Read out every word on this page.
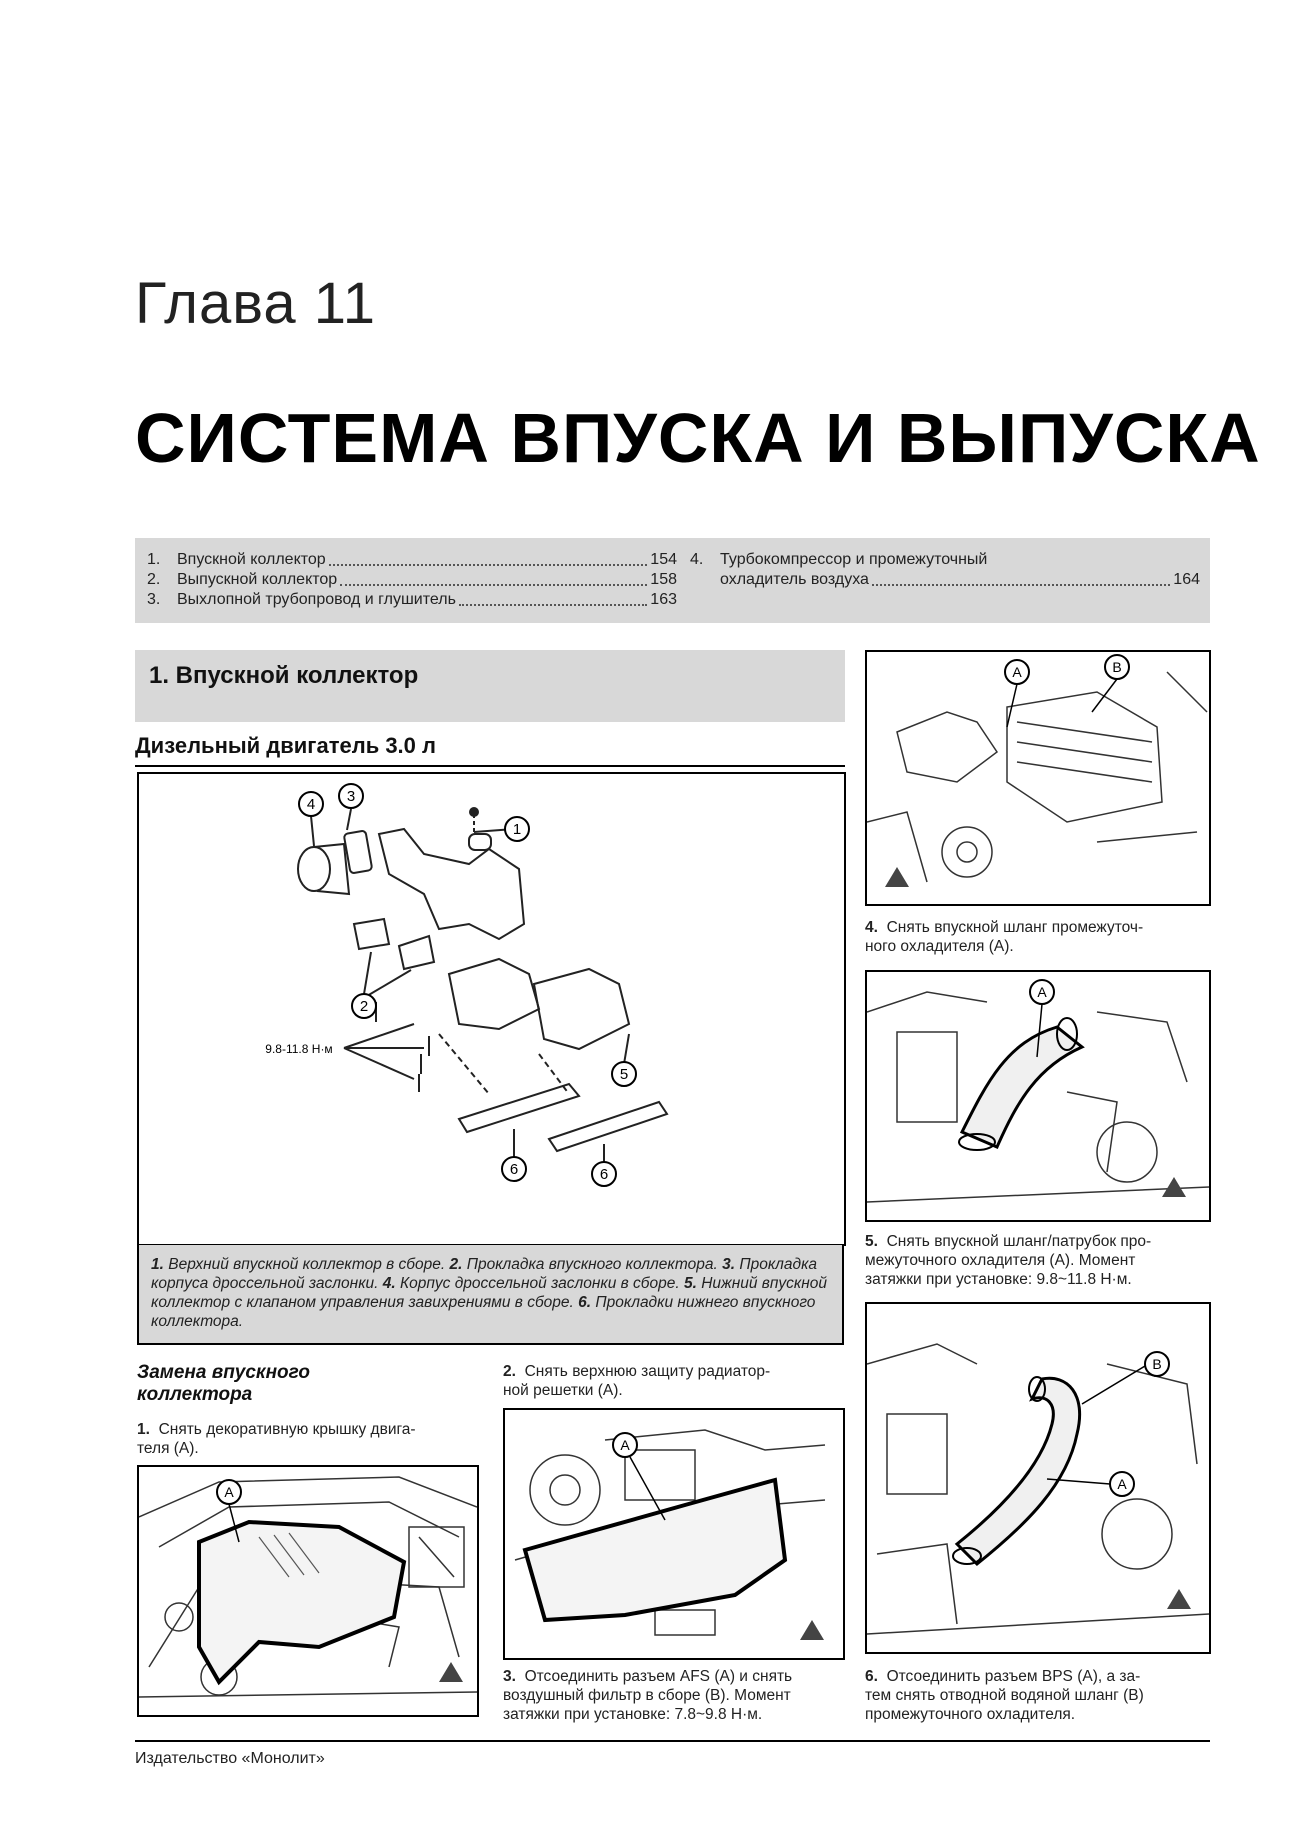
Глава 11
СИСТЕМА ВПУСКА И ВЫПУСКА
1.	Впускной коллектор	154
2.	Выпускной коллектор	158
3.	Выхлопной трубопровод и глушитель	163
4.	Турбокомпрессор и промежуточный
охладитель воздуха	164
1. Впускной коллектор
Дизельный двигатель 3.0 л
4 3
1
2
5
6	6
9.8-11.8 Н·м
1. Верхний впускной коллектор в сборе. 2. Прокладка впускного коллектора. 3. Прокладка корпуса дроссельной заслонки. 4. Корпус дроссельной заслонки в сборе. 5. Нижний впускной коллектор с клапаном управления завихрениями в сборе. 6. Прокладки нижнего впускного коллектора.
Замена впускного
коллектора
1. Снять декоративную крышку двига-
теля (A).
A
2. Снять верхнюю защиту радиатор-
ной решетки (A).
A
3. Отсоединить разъем AFS (A) и снять
воздушный фильтр в сборе (B). Момент
затяжки при установке: 7.8~9.8 Н·м.
A	B
4. Снять впускной шланг промежуточ-
ного охладителя (A).
A
5. Снять впускной шланг/патрубок про-
межуточного охладителя (A). Момент
затяжки при установке: 9.8~11.8 Н·м.
B
A
6. Отсоединить разъем BPS (A), а за-
тем снять отводной водяной шланг (B)
промежуточного охладителя.
Издательство «Монолит»
